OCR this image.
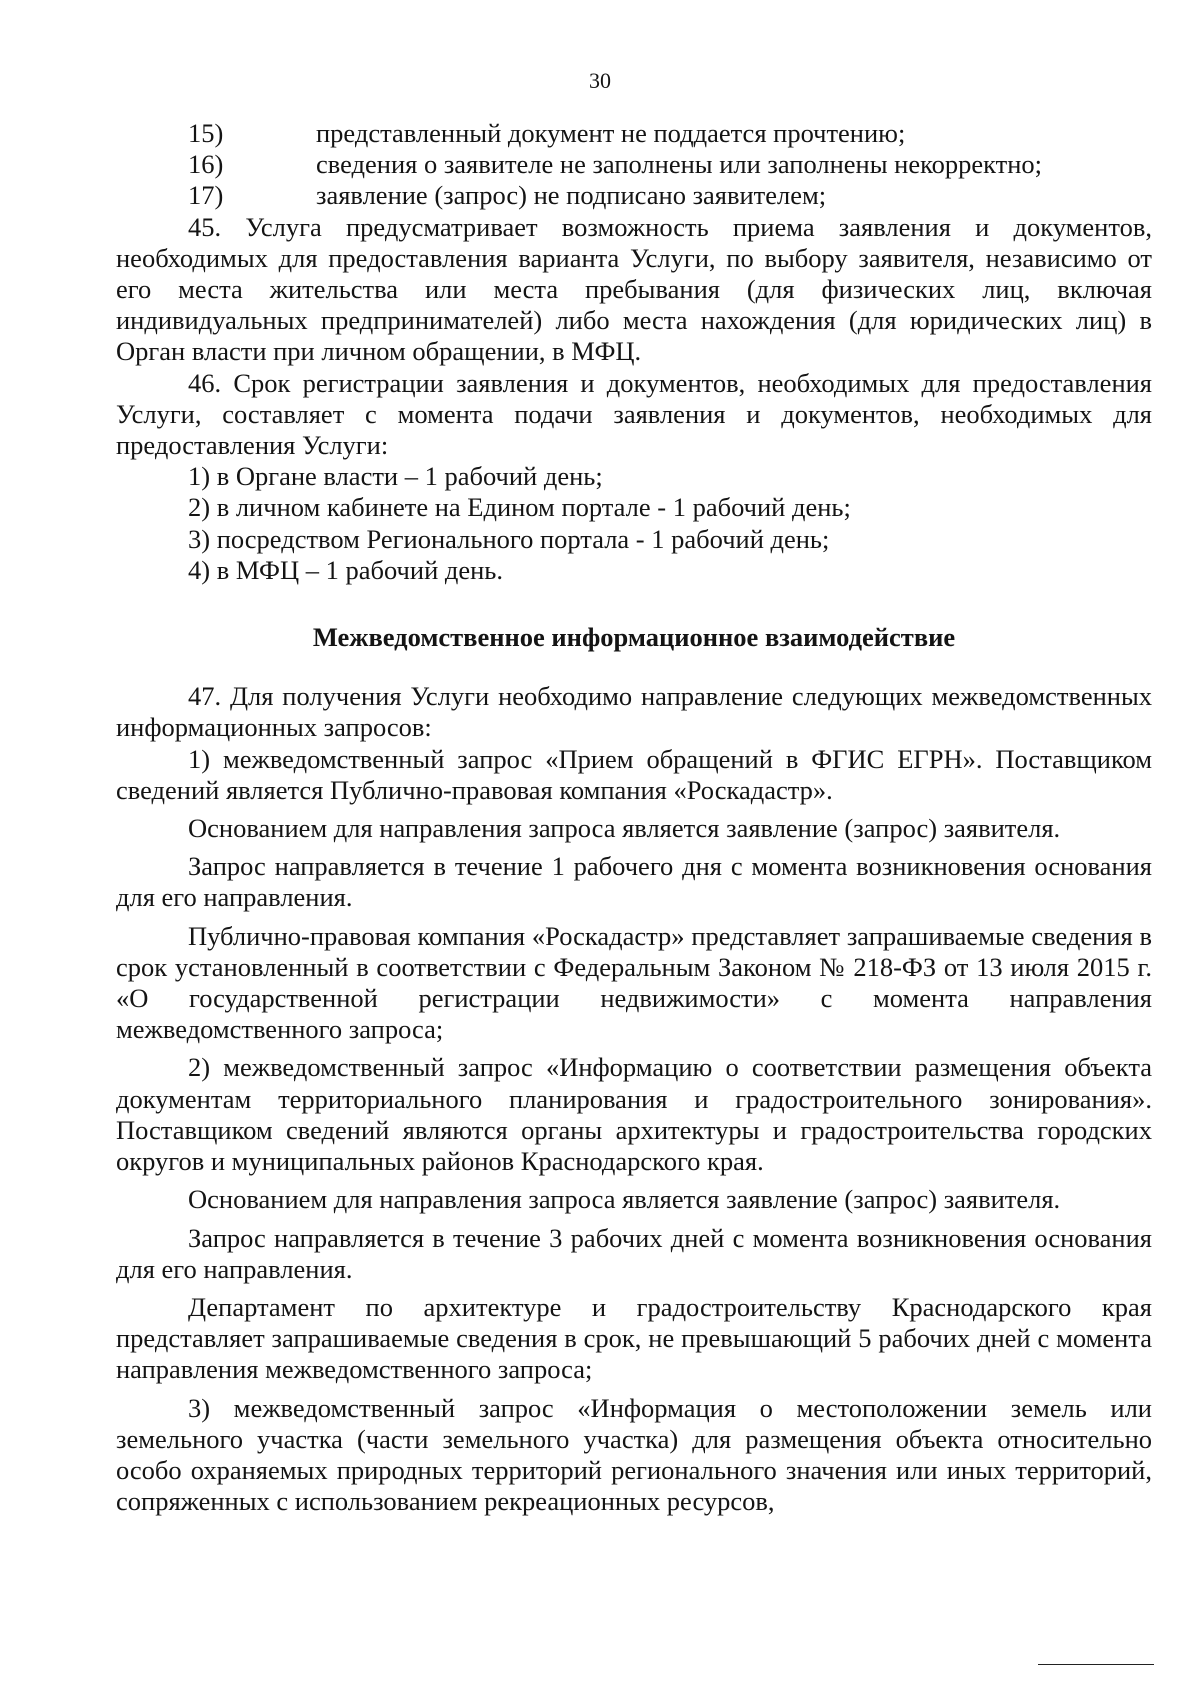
30
15)	представленный документ не поддается прочтению;
16)	сведения о заявителе не заполнены или заполнены некорректно;
17)	заявление (запрос) не подписано заявителем;

45. Услуга предусматривает возможность приема заявления и документов, необходимых для предоставления варианта Услуги, по выбору заявителя, независимо от его места жительства или места пребывания (для физических лиц, включая индивидуальных предпринимателей) либо места нахождения (для юридических лиц) в Орган власти при личном обращении, в МФЦ.

46. Срок регистрации заявления и документов, необходимых для предоставления Услуги, составляет с момента подачи заявления и документов, необходимых для предоставления Услуги:

1) в Органе власти – 1 рабочий день;

2) в личном кабинете на Едином портале - 1 рабочий день;

3) посредством Регионального портала - 1 рабочий день;

4) в МФЦ – 1 рабочий день.

Межведомственное информационное взаимодействие

47. Для получения Услуги необходимо направление следующих межведомственных информационных запросов:

1) межведомственный запрос «Прием обращений в ФГИС ЕГРН». Поставщиком сведений является Публично-правовая компания «Роскадастр».

Основанием для направления запроса является заявление (запрос) заявителя.

Запрос направляется в течение 1 рабочего дня с момента возникновения основания для его направления.

Публично-правовая компания «Роскадастр» представляет запрашиваемые сведения в срок установленный в соответствии с Федеральным Законом № 218-ФЗ от 13 июля 2015 г. «О государственной регистрации недвижимости» с момента направления межведомственного запроса;

2) межведомственный запрос «Информацию о соответствии размещения объекта документам территориального планирования и градостроительного зонирования». Поставщиком сведений являются органы архитектуры и градостроительства городских округов и муниципальных районов Краснодарского края.

Основанием для направления запроса является заявление (запрос) заявителя.

Запрос направляется в течение 3 рабочих дней с момента возникновения основания для его направления.

Департамент по архитектуре и градостроительству Краснодарского края представляет запрашиваемые сведения в срок, не превышающий 5 рабочих дней с момента направления межведомственного запроса;

3) межведомственный запрос «Информация о местоположении земель или земельного участка (части земельного участка) для размещения объекта относительно особо охраняемых природных территорий регионального значения или иных территорий, сопряженных с использованием рекреационных ресурсов,
